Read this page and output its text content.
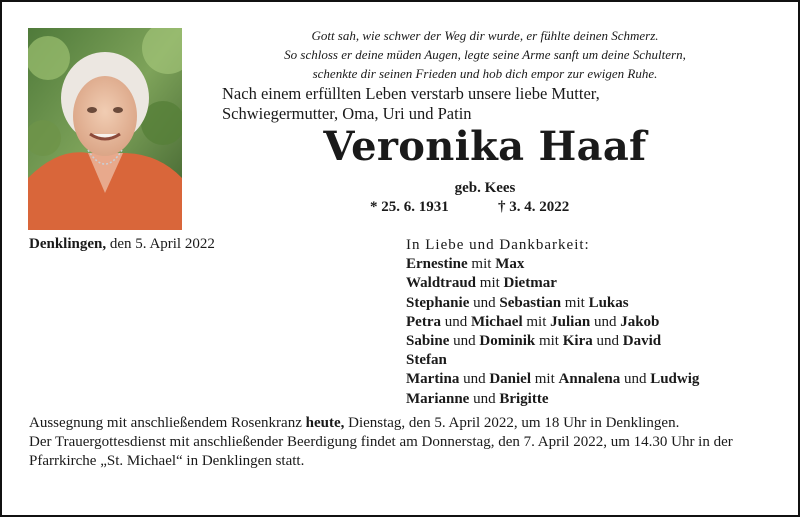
Gott sah, wie schwer der Weg dir wurde, er fühlte deinen Schmerz.
So schloss er deine müden Augen, legte seine Arme sanft um deine Schultern,
schenkte dir seinen Frieden und hob dich empor zur ewigen Ruhe.
Nach einem erfüllten Leben verstarb unsere liebe Mutter,
Schwiegermutter, Oma, Uri und Patin
Veronika Haaf
geb. Kees
* 25. 6. 1931	† 3. 4. 2022
Denklingen, den 5. April 2022	In Liebe und Dankbarkeit:
Ernestine mit Max
Waldtraud mit Dietmar
Stephanie und Sebastian mit Lukas
Petra und Michael mit Julian und Jakob
Sabine und Dominik mit Kira und David
Stefan
Martina und Daniel mit Annalena und Ludwig
Marianne und Brigitte
Aussegnung mit anschließendem Rosenkranz heute, Dienstag, den 5. April 2022, um 18 Uhr in Denklingen.
Der Trauergottesdienst mit anschließender Beerdigung findet am Donnerstag, den 7. April 2022, um 14.30 Uhr in der Pfarrkirche „St. Michael“ in Denklingen statt.
